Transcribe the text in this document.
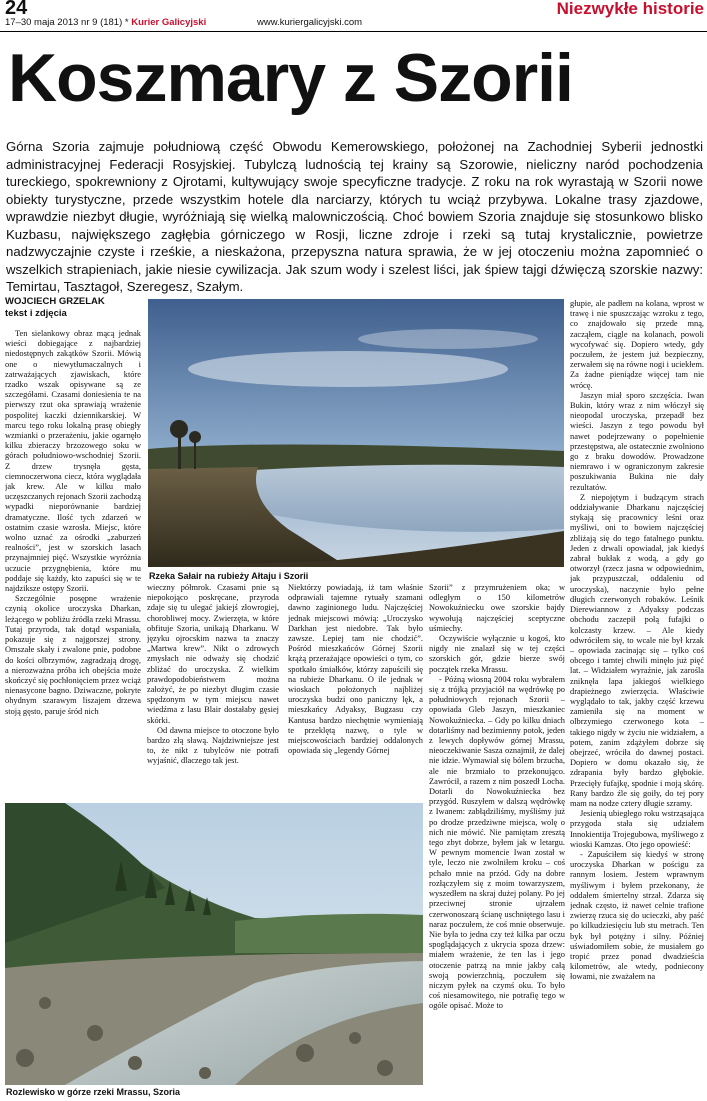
24
17–30 maja 2013 nr 9 (181) * Kurier Galicyjski	www.kuriergalicyjski.com
Niezwykłe historie
Koszmary z Szorii

Górna Szoria zajmuje południową część Obwodu Kemerowskiego, położonej na Zachodniej Syberii jednostki administracyjnej Federacji Rosyjskiej. Tubylczą ludnością tej krainy są Szorowie, nieliczny naród pochodzenia tureckiego, spokrewniony z Ojrotami, kultywujący swoje specyficzne tradycje. Z roku na rok wyrastają w Szorii nowe obiekty turystyczne, przede wszystkim hotele dla narciarzy, których tu wciąż przybywa. Lokalne trasy zjazdowe, wprawdzie niezbyt długie, wyróżniają się wielką malowniczością. Choć bowiem Szoria znajduje się stosunkowo blisko Kuzbasu, największego zagłębia górniczego w Rosji, liczne zdroje i rzeki są tutaj krystalicznie, powietrze nadzwyczajnie czyste i rześkie, a nieskażona, przepyszna natura sprawia, że w jej otoczeniu można zapomnieć o wszelkich strapieniach, jakie niesie cywilizacja. Jak szum wody i szelest liści, jak śpiew tajgi dźwięczą szorskie nazwy: Temirtau, Tasztagoł, Szeregesz, Szałym.

WOJCIECH GRZELAK
tekst i zdjęcia

Ten sielankowy obraz mącą jednak wieści dobiegające z najbardziej niedostępnych zakątków Szorii. Mówią one o niewytłumaczalnych i zatrważających zjawiskach, które rzadko wszak opisywane są ze szczegółami. Czasami doniesienia te na pierwszy rzut oka sprawiają wrażenie pospolitej kaczki dziennikarskiej. W marcu tego roku lokalną prasę obiegły wzmianki o przerażeniu, jakie ogarnęło kilku zbieraczy brzozowego soku w górach południowo-wschodniej Szorii. Z drzew trysnęła gęsta, ciemnoczerwona ciecz, która wyglądała jak krew. Ale w kilku mało uczęszczanych rejonach Szorii zachodzą wypadki nieporównanie bardziej dramatyczne. Ilość tych zdarzeń w ostatnim czasie wzrosła. Miejsc, które wolno uznać za ośrodki „zaburzeń realności”, jest w szorskich lasach przynajmniej pięć. Wszystkie wyróżnia uczucie przygnębienia, które mu poddaje się każdy, kto zapuści się w te najdziksze ostępy Szorii.

Szczególnie posępne wrażenie czynią okolice uroczyska Dharkan, leżącego w pobliżu źródła rzeki Mrassu. Tutaj przyroda, tak dotąd wspaniała, pokazuje się z najgorszej strony. Omszałe skały i zwalone pnie, podobne do kości olbrzymów, zagradzają drogę, a nierozważna próba ich obejścia może skończyć się pochłonięciem przez wciąż nienasycone bagno. Dziwaczne, pokryte ohydnym szarawym liszajem drzewa stoją gęsto, paruje śród nich

Rzeka Sałair na rubieży Ałtaju i Szorii

wieczny półmrok. Czasami pnie są niepokojąco poskręcane, przyroda zdaje się tu ulegać jakiejś złowrogiej, chorobliwej mocy. Zwierzęta, w które obfituje Szoria, unikają Dharkanu. W języku ojrocskim nazwa ta znaczy „Martwa krew”. Nikt o zdrowych zmysłach nie odważy się chodzić zbliżać do uroczyska. Z wielkim prawdopodobieństwem można założyć, że po niezbyt długim czasie spędzonym w tym miejscu nawet wiedźma z lasu Blair dostałaby gęsiej skórki.

Od dawna miejsce to otoczone było bardzo złą sławą. Najdziwniejsze jest to, że nikt z tubylców nie potrafi wyjaśnić, dlaczego tak jest.

Niektórzy powiadają, iż tam właśnie odprawiali tajemne rytuały szamani dawno zaginionego ludu. Najczęściej jednak miejscowi mówią: „Uroczysko Darkhan jest niedobre. Tak było zawsze. Lepiej tam nie chodzić”. Pośród mieszkańców Górnej Szorii krążą przerażające opowieści o tym, co spotkało śmiałków, którzy zapuścili się na rubieże Dharkanu. O ile jednak w wioskach położonych najbliżej uroczyska budzi ono paniczny lęk, a mieszkańcy Adyaksy, Bugzasu czy Kantusa bardzo niechętnie wymieniają te przeklętą nazwę, o tyle w miejscowościach bardziej oddalonych opowiada się „legendy Górnej

Rozlewisko w górze rzeki Mrassu, Szoria

Szorii” z przymrużeniem oka; w odległym o 150 kilometrów Nowokuźniecku owe szorskie bajdy wywołują najczęściej sceptyczne uśmiechy.

Oczywiście wyłącznie u kogoś, kto nigdy nie znalazł się w tej części szorskich gór, gdzie bierze swój początek rzeka Mrassu.

- Późną wiosną 2004 roku wybrałem się z trójką przyjaciół na wędrówkę po południowych rejonach Szorii – opowiada Gleb Jaszyn, mieszkaniec Nowokuźniecka. – Gdy po kilku dniach dotarliśmy nad bezimienny potok, jeden z lewych dopływów górnej Mrassu, nieoczekiwanie Sasza oznajmił, że dalej nie idzie. Wymawiał się bólem brzucha, ale nie brzmiało to przekonująco. Zawrócił, a razem z nim poszedł Locha. Dotarli do Nowokuźniecka bez przygód. Ruszyłem w dalszą wędrówkę z Iwanem: zabłądziliśmy, myśliśmy już po drodze przedziwne miejsca, wolę o nich nie mówić. Nie pamiętam zresztą tego zbyt dobrze, byłem jak w letargu. W pewnym momencie Iwan został w tyle, leczo nie zwolniłem kroku – coś pchało mnie na przód. Gdy na dobre rozłączyłem się z moim towarzyszem, wyszedłem na skraj dużej polany. Po jej przeciwnej stronie ujrzałem czerwonoszarą ścianę uschniętego lasu i naraz poczułem, że coś mnie obserwuje. Nie była to jedna czy też kilka par oczu spoglądających z ukrycia spoza drzew: miałem wrażenie, że ten las i jego otoczenie patrzą na mnie jakby całą swoją powierzchnią, poczułem się niczym pyłek na czymś oku. To było coś niesamowitego, nie potrafię tego w ogóle opisać. Może to

głupie, ale padłem na kolana, wprost w trawę i nie spuszczając wzroku z tego, co znajdowało się przede mną, zacząłem, ciągle na kolanach, powoli wycofywać się. Dopiero wtedy, gdy poczułem, że jestem już bezpieczny, zerwałem się na równe nogi i uciekłem. Za żadne pieniądze więcej tam nie wrócę.

Jaszyn miał sporo szczęścia. Iwan Bukin, który wraz z nim włóczył się nieopodal uroczyska, przepadł bez wieści. Jaszyn z tego powodu był nawet podejrzewany o popełnienie przestępstwa, ale ostatecznie zwolniono go z braku dowodów. Prowadzone niemrawo i w ograniczonym zakresie poszukiwania Bukina nie dały rezultatów.

Z niepojętym i budzącym strach oddziaływanie Dharkanu najczęściej stykają się pracownicy leśni oraz myśliwi, oni to bowiem najczęściej zbliżają się do tego fatalnego punktu. Jeden z drwali opowiadał, jak kiedyś zabrał bukłak z wodą, a gdy go otworzył (rzecz jasna w odpowiednim, jak przypuszczał, oddaleniu od uroczyska), naczynie było pełne długich czerwonych robaków. Leśnik Dierewiannow z Adyaksy podczas obchodu zaczepił połą fufajki o kolczasty krzew. – Ale kiedy odwróciłem się, to wcale nie był krzak – opowiada zacinając się – tylko coś obcego i tamtej chwili minęło już pięć lat. – Widziałem wyraźnie, jak zarośla zniknęła lapa jakiegoś wielkiego drapieżnego zwierzęcia. Właściwie wyglądało to tak, jakby część krzewu zamieniła się na moment w olbrzymiego czerwonego kota – takiego nigdy w życiu nie widziałem, a potem, zanim zdążyłem dobrze się obejrzeć, wróciła do dawnej postaci. Dopiero w domu okazało się, że zdrapania były bardzo głębokie. Przecięły fufajkę, spodnie i moją skórę. Rany bardzo źle się goiły, do tej pory mam na nodze cztery długie szramy.

Jesienią ubiegłego roku wstrząsająca przygoda stała się udziałem Innokientija Trojegubowa, myśliwego z wioski Kamzas. Oto jego opowieść:

- Zapuściłem się kiedyś w stronę uroczyska Dharkan w pościgu za rannym losiem. Jestem wprawnym myśliwym i byłem przekonany, że oddałem śmiertelny strzał. Zdarza się jednak często, iż nawet celnie trafione zwierzę rzuca się do ucieczki, aby paść po kilkudziesięciu lub stu metrach. Ten byk był potężny i silny. Później uświadomiłem sobie, że musiałem go tropić przez ponad dwadzieścia kilometrów, ale wtedy, podniecony łowami, nie zważałem na
